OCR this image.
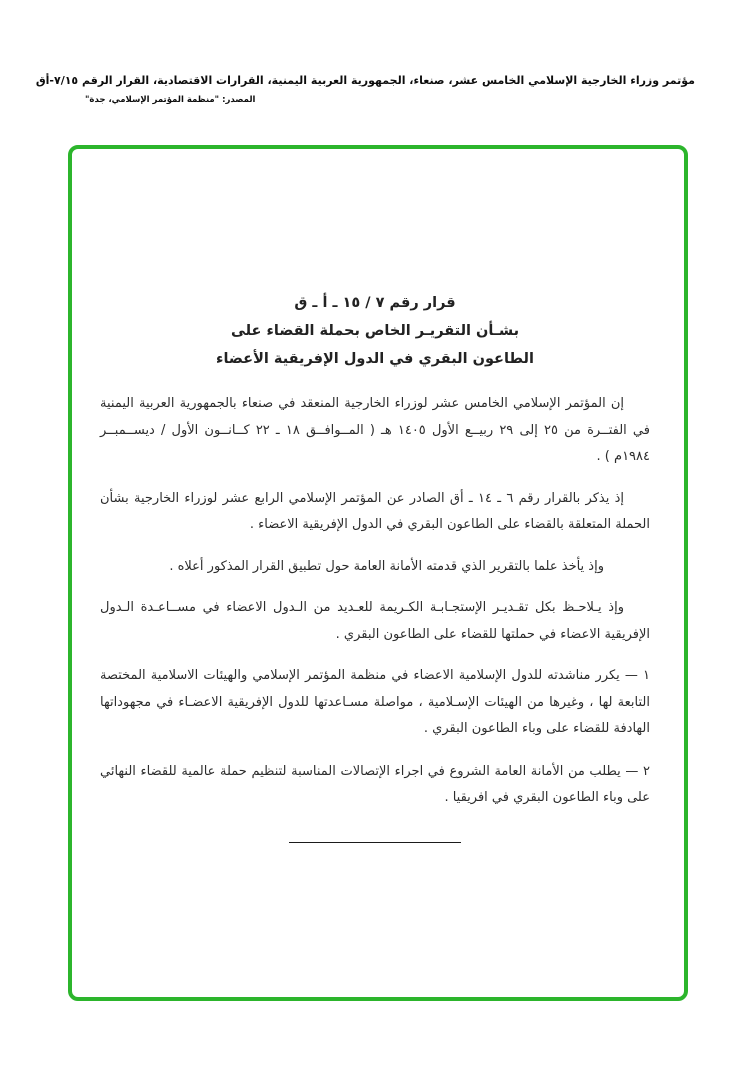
مؤتمر وزراء الخارجية الإسلامي الخامس عشر، صنعاء، الجمهورية العربية اليمنية، القرارات الاقتصادية، القرار الرقم ٧/١٥-أق
المصدر: "منظمة المؤتمر الإسلامي، جدة"
قرار رقم ٧ / ١٥ ـ أ ـ ق
بشـأن التقريـر الخاص بحملة القضاء على
الطاعون البقري في الدول الإفريقية الأعضاء

إن المؤتمر الإسلامي الخامس عشر لوزراء الخارجية المنعقد في صنعاء بالجمهورية العربية اليمنية في الفتــرة من ٢٥ إلى ٢٩ ربيــع الأول ١٤٠٥ هـ ( المــوافــق ١٨ ـ ٢٢ كــانــون الأول / ديســمبــر ١٩٨٤م ) .

إذ يذكر بالقرار رقم ٦ ـ ١٤ ـ أق الصادر عن المؤتمر الإسلامي الرابع عشر لوزراء الخارجية بشأن الحملة المتعلقة بالقضاء على الطاعون البقري في الدول الإفريقية الاعضاء .

وإذ يأخذ علما بالتقرير الذي قدمته الأمانة العامة حول تطبيق القرار المذكور أعلاه .

وإذ يـلاحـظ بكل تقـديـر الإستجـابـة الكـريمة للعـديد من الـدول الاعضاء في مســاعـدة الـدول الإفريقية الاعضاء في حملتها للقضاء على الطاعون البقري .

١ — يكرر مناشدته للدول الإسلامية الاعضاء في منظمة المؤتمر الإسلامي والهيئات الاسلامية المختصة التابعة لها ، وغيرها من الهيئات الإسـلامية ، مواصلة مسـاعدتها للدول الإفريقية الاعضـاء في مجهوداتها الهادفة للقضاء على وباء الطاعون البقري .

٢ — يطلب من الأمانة العامة الشروع في اجراء الإتصالات المناسبة لتنظيم حملة عالمية للقضاء النهائي على وباء الطاعون البقري في افريقيا .
